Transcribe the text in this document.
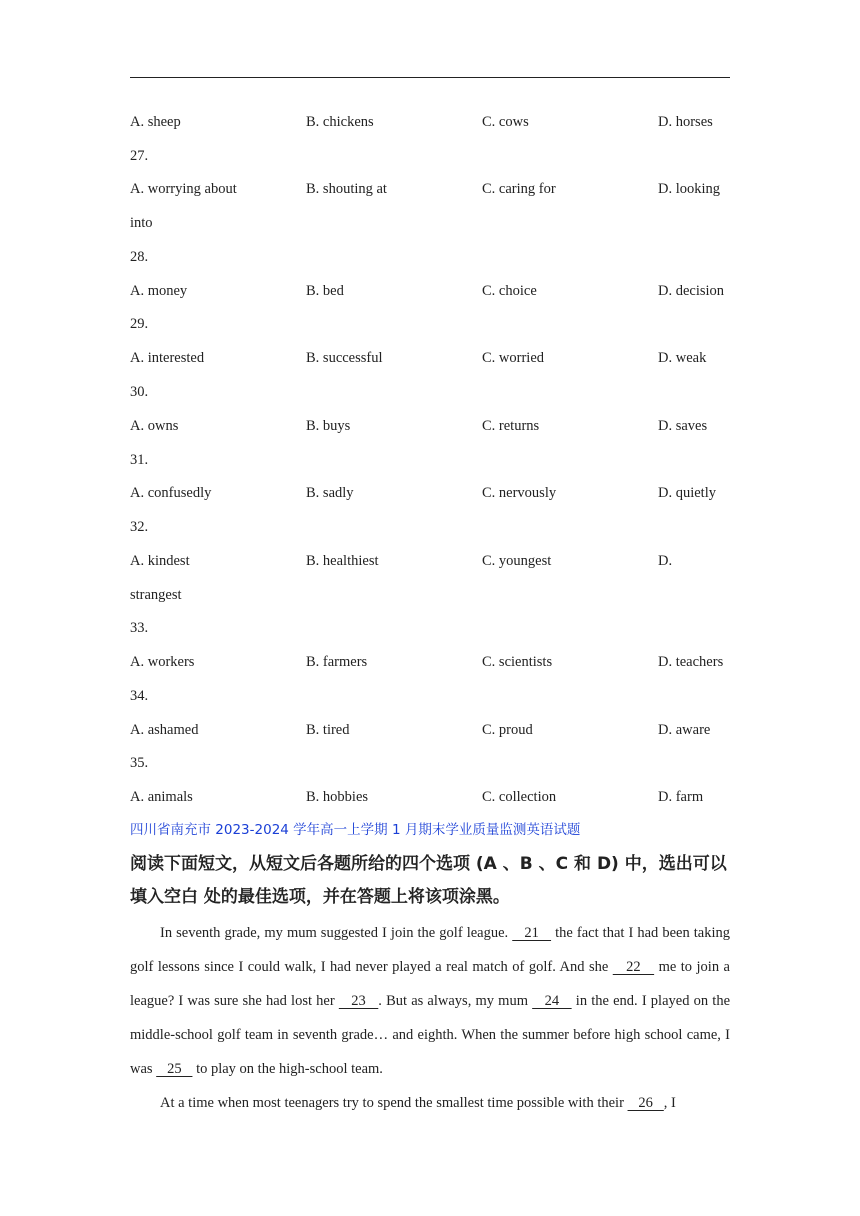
A. sheep	B. chickens	C. cows	D. horses
27.
A. worrying about	B. shouting at	C. caring for	D. looking
into
28.
A. money	B. bed	C. choice	D. decision
29.
A. interested	B. successful	C. worried	D. weak
30.
A. owns	B. buys	C. returns	D. saves
31.
A. confusedly	B. sadly	C. nervously	D. quietly
32.
A. kindest	B. healthiest	C. youngest	D.
strangest
33.
A. workers	B. farmers	C. scientists	D. teachers
34.
A. ashamed	B. tired	C. proud	D. aware
35.
A. animals	B. hobbies	C. collection	D. farm
四川省南充市 2023-2024 学年高一上学期 1 月期末学业质量监测英语试题
阅读下面短文，从短文后各题所给的四个选项 (A 、B 、C 和 D) 中，选出可以
填入空白 处的最佳选项，并在答题上将该项涂黑。

In seventh grade, my mum suggested I join the golf league.    21    the fact that I had been taking golf lessons since I could walk, I had never played a real match of golf. And she    22    me to join a league? I was sure she had lost her    23   . But as always, my mum    24    in the end. I played on the middle-school golf team in seventh grade… and eighth. When the summer before high school came, I was    25    to play on the high-school team.

At a time when most teenagers try to spend the smallest time possible with their    26   , I
